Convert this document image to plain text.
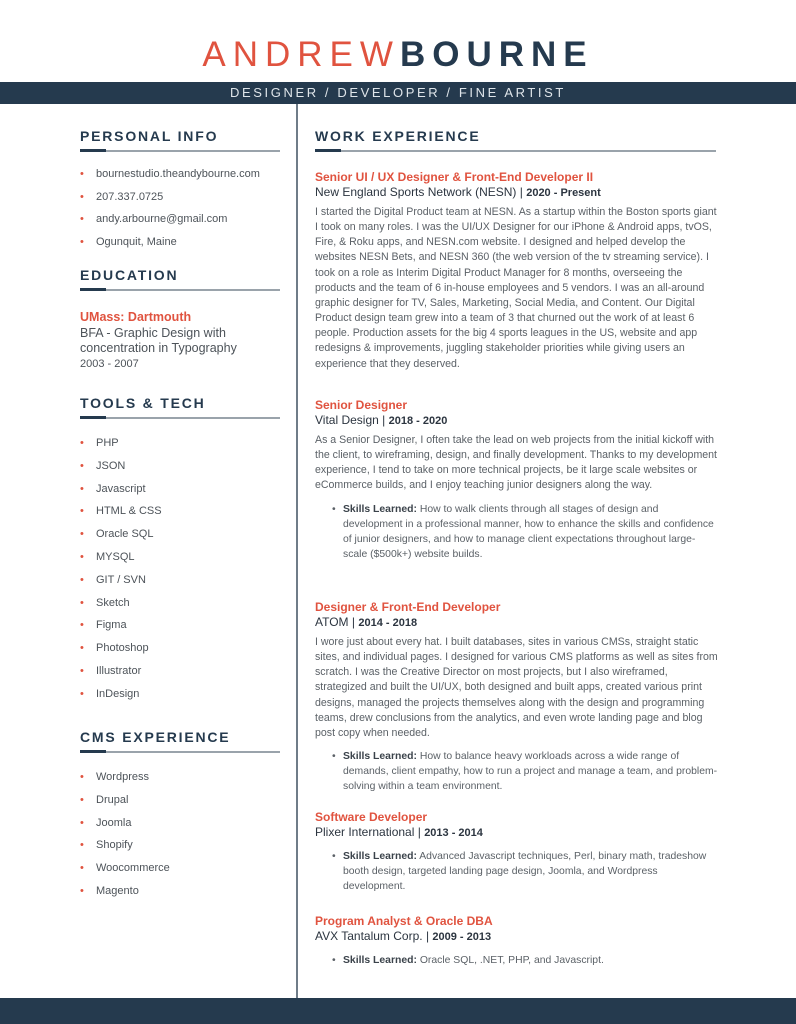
ANDREWBOURNE
DESIGNER / DEVELOPER / FINE ARTIST
PERSONAL INFO
• bournestudio.theandybourne.com
• 207.337.0725
• andy.arbourne@gmail.com
• Ogunquit, Maine
EDUCATION
UMass: Dartmouth
BFA - Graphic Design with concentration in Typography
2003 - 2007
TOOLS & TECH
• PHP
• JSON
• Javascript
• HTML & CSS
• Oracle SQL
• MYSQL
• GIT / SVN
• Sketch
• Figma
• Photoshop
• Illustrator
• InDesign
CMS EXPERIENCE
• Wordpress
• Drupal
• Joomla
• Shopify
• Woocommerce
• Magento
WORK EXPERIENCE
Senior UI / UX Designer & Front-End Developer II
New England Sports Network (NESN) | 2020 - Present
I started the Digital Product team at NESN. As a startup within the Boston sports giant I took on many roles. I was the UI/UX Designer for our iPhone & Android apps, tvOS, Fire, & Roku apps, and NESN.com website. I designed and helped develop the websites NESN Bets, and NESN 360 (the web version of the tv streaming service). I took on a role as Interim Digital Product Manager for 8 months, overseeing the products and the team of 6 in-house employees and 5 vendors. I was an all-around graphic designer for TV, Sales, Marketing, Social Media, and Content. Our Digital Product design team grew into a team of 3 that churned out the work of at least 6 people. Production assets for the big 4 sports leagues in the US, website and app redesigns & improvements, juggling stakeholder priorities while giving users an experience that they deserved.
Senior Designer
Vital Design | 2018 - 2020
As a Senior Designer, I often take the lead on web projects from the initial kickoff with the client, to wireframing, design, and finally development. Thanks to my development experience, I tend to take on more technical projects, be it large scale websites or eCommerce builds, and I enjoy teaching junior designers along the way.
• Skills Learned: How to walk clients through all stages of design and development in a professional manner, how to enhance the skills and confidence of junior designers, and how to manage client expectations throughout large-scale ($500k+) website builds.
Designer & Front-End Developer
ATOM | 2014 - 2018
I wore just about every hat. I built databases, sites in various CMSs, straight static sites, and individual pages. I designed for various CMS platforms as well as sites from scratch. I was the Creative Director on most projects, but I also wireframed, strategized and built the UI/UX, both designed and built apps, created various print designs, managed the projects themselves along with the design and programming teams, drew conclusions from the analytics, and even wrote landing page and blog post copy when needed.
• Skills Learned: How to balance heavy workloads across a wide range of demands, client empathy, how to run a project and manage a team, and problem-solving within a team environment.
Software Developer
Plixer International | 2013 - 2014
• Skills Learned: Advanced Javascript techniques, Perl, binary math, tradeshow booth design, targeted landing page design, Joomla, and Wordpress development.
Program Analyst & Oracle DBA
AVX Tantalum Corp. | 2009 - 2013
• Skills Learned: Oracle SQL, .NET, PHP, and Javascript.
